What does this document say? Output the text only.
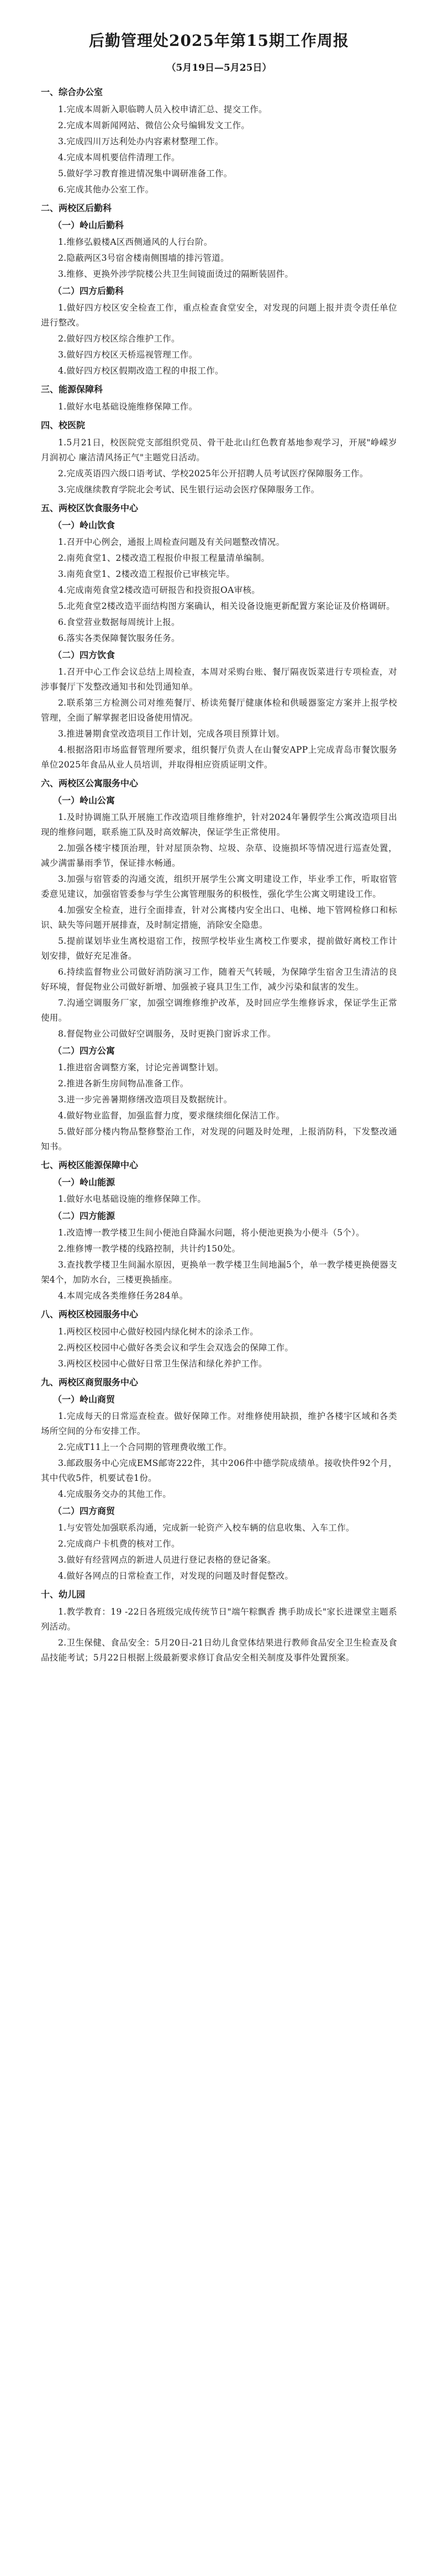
后勤管理处2025年第15期工作周报
（5月19日—5月25日）
一、综合办公室

1.完成本周新入职临聘人员入校申请汇总、提交工作。

2.完成本周新闻网站、微信公众号编辑发文工作。

3.完成四川万达利处办内容素材整理工作。

4.完成本周机要信件清理工作。

5.做好学习教育推进情况集中调研准备工作。

6.完成其他办公室工作。

二、两校区后勤科
（一）岭山后勤科

1.维修弘毅楼A区西侧通风的人行台阶。

2.隐蔽两区3号宿舍楼南侧围墙的排污管道。

3.维修、更换外涉学院楼公共卫生间镜面烫过的隔断装固件。

（二）四方后勤科

1.做好四方校区安全检查工作，重点检查食堂安全，对发现的问题上报并责令责任单位进行整改。

2.做好四方校区综合维护工作。

3.做好四方校区天桥巡视管理工作。

4.做好四方校区假期改造工程的申报工作。

三、能源保障科

1.做好水电基础设施维修保障工作。

四、校医院

1.5月21日，校医院党支部组织党员、骨干赴北山红色教育基地参观学习，开展"峥嵘岁月润初心 廉洁清风扬正气"主题党日活动。

2.完成英语四六级口语考试、学校2025年公开招聘人员考试医疗保障服务工作。

3.完成继续教育学院北会考试、民生银行运动会医疗保障服务工作。

五、两校区饮食服务中心
（一）岭山饮食

1.召开中心例会，通报上周检查问题及有关问题整改情况。

2.南苑食堂1、2楼改造工程报价申报工程量清单编制。

3.南苑食堂1、2楼改造工程报价已审核完毕。

4.完成南苑食堂2楼改造可研报告和投资报OA审核。

5.北苑食堂2楼改造平面结构图方案确认，相关设备设施更新配置方案论证及价格调研。

6.食堂营业数据每周统计上报。

6.落实各类保障餐饮服务任务。

（二）四方饮食

1.召开中心工作会议总结上周检查，本周对采购台账、餐厅隔夜饭菜进行专项检查，对涉事餐厅下发整改通知书和处罚通知单。

2.联系第三方检测公司对维苑餐厅、桥读苑餐厅健康体检和供暖器鉴定方案并上报学校管理，全面了解掌握老旧设备使用情况。

3.推进暑期食堂改造项目工作计划，完成各项目预算计划。

4.根据洛阳市场监督管理所要求，组织餐厅负责人在山餐安APP上完成青岛市餐饮服务单位2025年食品从业人员培训，并取得相应资质证明文件。

六、两校区公寓服务中心
（一）岭山公寓

1.及时协调施工队开展施工作改造项目维修维护，针对2024年暑假学生公寓改造项目出现的维修问题，联系施工队及时高效解决，保证学生正常使用。

2.加强各楼宇楼顶治理，针对屋顶杂物、垃圾、杂草、设施损坏等情况进行巡查处置，减少满雷暴雨季节，保证排水畅通。

3.加强与宿管委的沟通交流，组织开展学生公寓文明建设工作，毕业季工作，听取宿管委意见建议，加强宿管委参与学生公寓管理服务的积极性，强化学生公寓文明建设工作。

4.加强安全检查，进行全面排查，针对公寓楼内安全出口、电梯、地下管网检修口和标识、缺失等问题开展排查，及时制定措施，消除安全隐患。

5.提前谋划毕业生离校退宿工作，按照学校毕业生离校工作要求，提前做好离校工作计划安排，做好充足准备。

6.持续监督物业公司做好消防演习工作，随着天气转暖，为保障学生宿舍卫生清洁的良好环境，督促物业公司做好新增、加强被子寝具卫生工作，减少污染和鼠害的发生。

7.沟通空调服务厂家，加强空调维修维护改革，及时回应学生维修诉求，保证学生正常使用。

8.督促物业公司做好空调服务，及时更换门窗诉求工作。

（二）四方公寓

1.推进宿舍调整方案，讨论完善调整计划。

2.推进各新生房间物品准备工作。

3.进一步完善暑期修缮改造项目及数据统计。

4.做好物业监督，加强监督力度，要求继续细化保洁工作。

5.做好部分楼内物品整修整治工作，对发现的问题及时处理，上报消防科，下发整改通知书。

七、两校区能源保障中心
（一）岭山能源

1.做好水电基础设施的维修保障工作。

（二）四方能源

1.改造博一教学楼卫生间小便池自降漏水问题，将小便池更换为小便斗（5个）。

2.维修博一教学楼的线路控制，共计约150处。

3.查找教学楼卫生间漏水原因，更换单一教学楼卫生间地漏5个，单一教学楼更换便器支架4个，加防水台，三楼更换插座。

4.本周完成各类维修任务284单。

八、两校区校园服务中心

1.两校区校园中心做好校园内绿化树木的涂杀工作。

2.两校区校园中心做好各类会议和学生会双选会的保障工作。

3.两校区校园中心做好日常卫生保洁和绿化养护工作。

九、两校区商贸服务中心
（一）岭山商贸

1.完成每天的日常巡查检查。做好保障工作。对维修使用缺损，维护各楼宇区域和各类场所空间的分布安排工作。

2.完成T11上一个合同期的管理费收缴工作。

3.邮政服务中心完成EMS邮寄222件，其中206件中德学院成绩单。接收快件92个月，其中代收5件，机要试卷1份。

4.完成服务交办的其他工作。

（二）四方商贸

1.与安管处加强联系沟通，完成新一轮资产入校车辆的信息收集、入车工作。

2.完成商户卡机费的核对工作。

3.做好有经营网点的新进人员进行登记表格的登记备案。

4.做好各网点的日常检查工作，对发现的问题及时督促整改。

十、幼儿园

1.教学教育：19 -22日各班级完成传统节日"端午粽飘香 携手助成长"家长进课堂主题系列活动。

2.卫生保健、食品安全：5月20日-21日幼儿食堂体结果进行教师食品安全卫生检查及食品技能考试；5月22日根据上级最新要求修订食品安全相关制度及事件处置预案。
